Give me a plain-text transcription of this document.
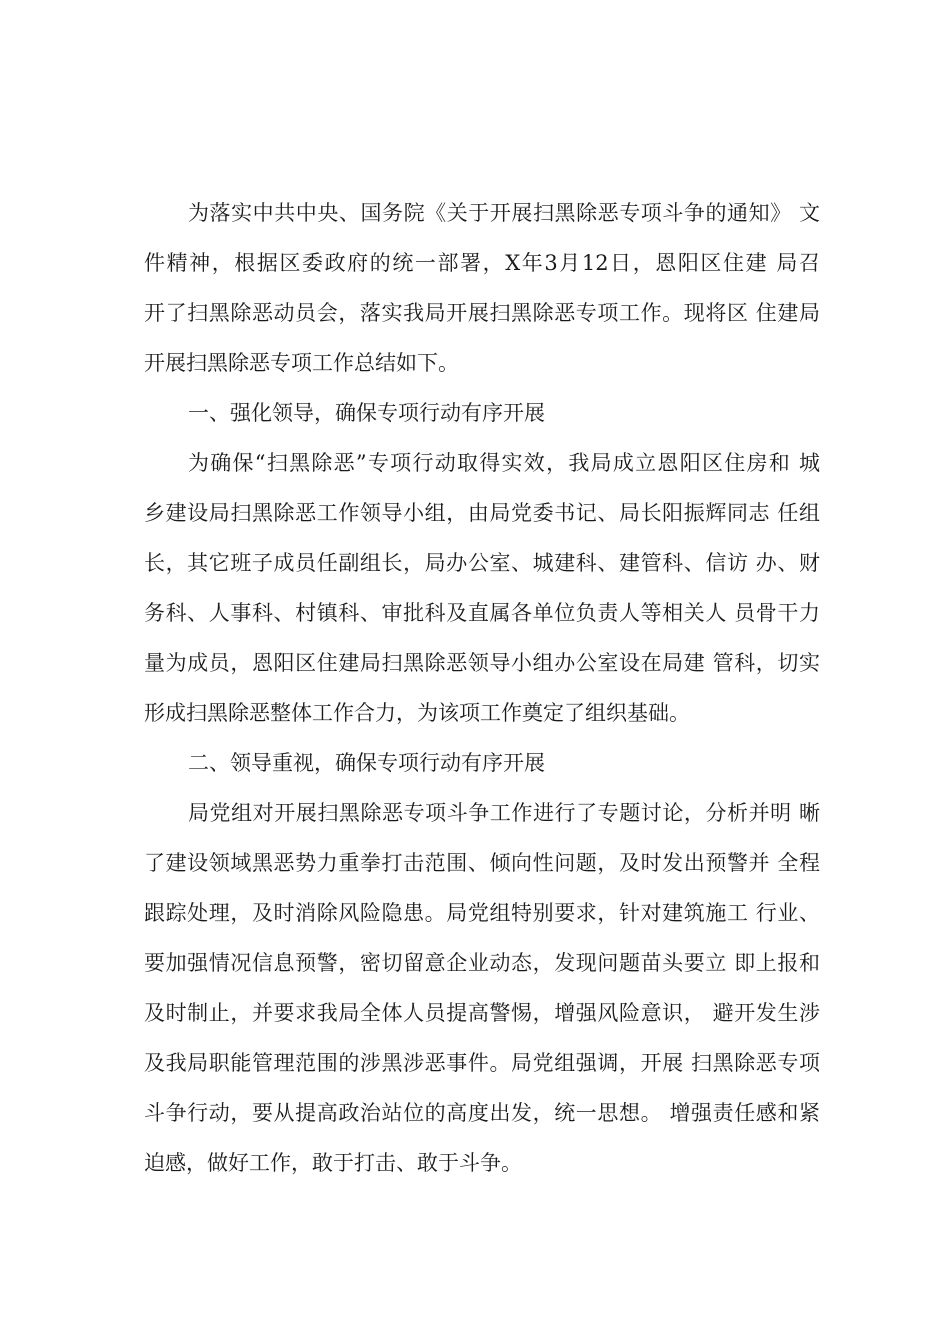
为落实中共中央、国务院《关于开展扫黑除恶专项斗争的通知》 文
件精神，根据区委政府的统一部署，X年3月12日，恩阳区住建 局召
开了扫黑除恶动员会，落实我局开展扫黑除恶专项工作。现将区 住建局
开展扫黑除恶专项工作总结如下。
一、强化领导，确保专项行动有序开展
为确保“扫黑除恶”专项行动取得实效，我局成立恩阳区住房和 城
乡建设局扫黑除恶工作领导小组，由局党委书记、局长阳振辉同志 任组
长，其它班子成员任副组长，局办公室、城建科、建管科、信访 办、财
务科、人事科、村镇科、审批科及直属各单位负责人等相关人 员骨干力
量为成员，恩阳区住建局扫黑除恶领导小组办公室设在局建 管科，切实
形成扫黑除恶整体工作合力，为该项工作奠定了组织基础。
二、领导重视，确保专项行动有序开展
局党组对开展扫黑除恶专项斗争工作进行了专题讨论，分析并明 晰
了建设领域黑恶势力重拳打击范围、倾向性问题，及时发出预警并 全程
跟踪处理，及时消除风险隐患。局党组特别要求，针对建筑施工 行业、
要加强情况信息预警，密切留意企业动态，发现问题苗头要立 即上报和
及时制止，并要求我局全体人员提高警惕，增强风险意识， 避开发生涉
及我局职能管理范围的涉黑涉恶事件。局党组强调，开展 扫黑除恶专项
斗争行动，要从提高政治站位的高度出发，统一思想。 增强责任感和紧
迫感，做好工作，敢于打击、敢于斗争。
